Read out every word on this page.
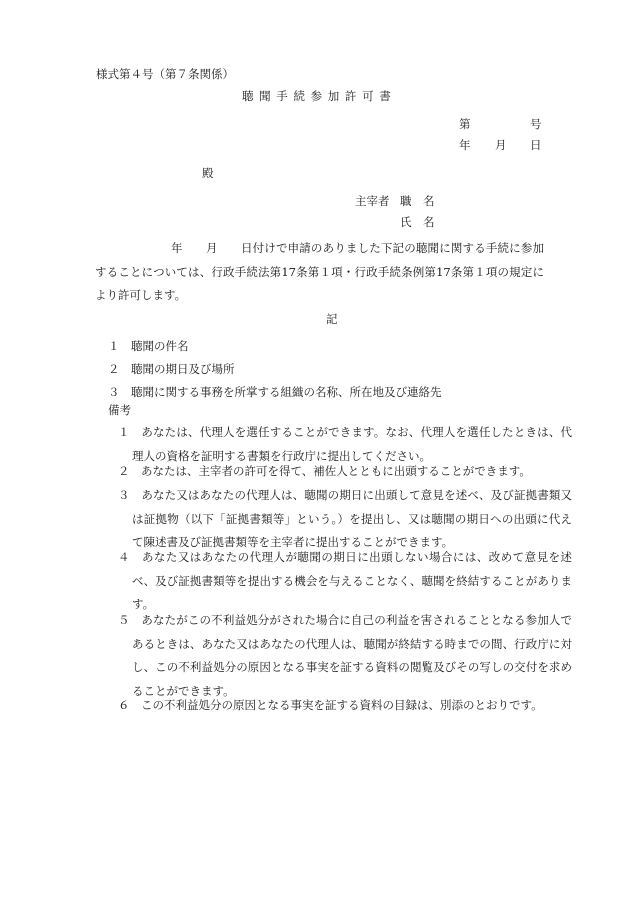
様式第４号（第７条関係）
聴 聞 手 続 参 加 許 可 書
第	号
年 月 日
殿
主宰者 職　名
氏　名
年　　月　　日付けで申請のありました下記の聴聞に関する手続に参加することについては、行政手続法第17条第１項・行政手続条例第17条第１項の規定により許可します。
記
１　 聴聞の件名
２　 聴聞の期日及び場所
３　 聴聞に関する事務を所掌する組織の名称、所在地及び連絡先
備考
１　 あなたは、代理人を選任することができます。なお、代理人を選任したときは、代理人の資格を証明する書類を行政庁に提出してください。
２　 あなたは、主宰者の許可を得て、補佐人とともに出頭することができます。
３　 あなた又はあなたの代理人は、聴聞の期日に出頭して意見を述べ、及び証拠書類又は証拠物（以下「証拠書類等」という。）を提出し、又は聴聞の期日への出頭に代えて陳述書及び証拠書類等を主宰者に提出することができます。
４　 あなた又はあなたの代理人が聴聞の期日に出頭しない場合には、改めて意見を述べ、及び証拠書類等を提出する機会を与えることなく、聴聞を終結することがあります。
５　 あなたがこの不利益処分がされた場合に自己の利益を害されることとなる参加人であるときは、あなた又はあなたの代理人は、聴聞が終結する時までの間、行政庁に対し、この不利益処分の原因となる事実を証する資料の閲覧及びその写しの交付を求めることができます。
６　 この不利益処分の原因となる事実を証する資料の目録は、別添のとおりです。
